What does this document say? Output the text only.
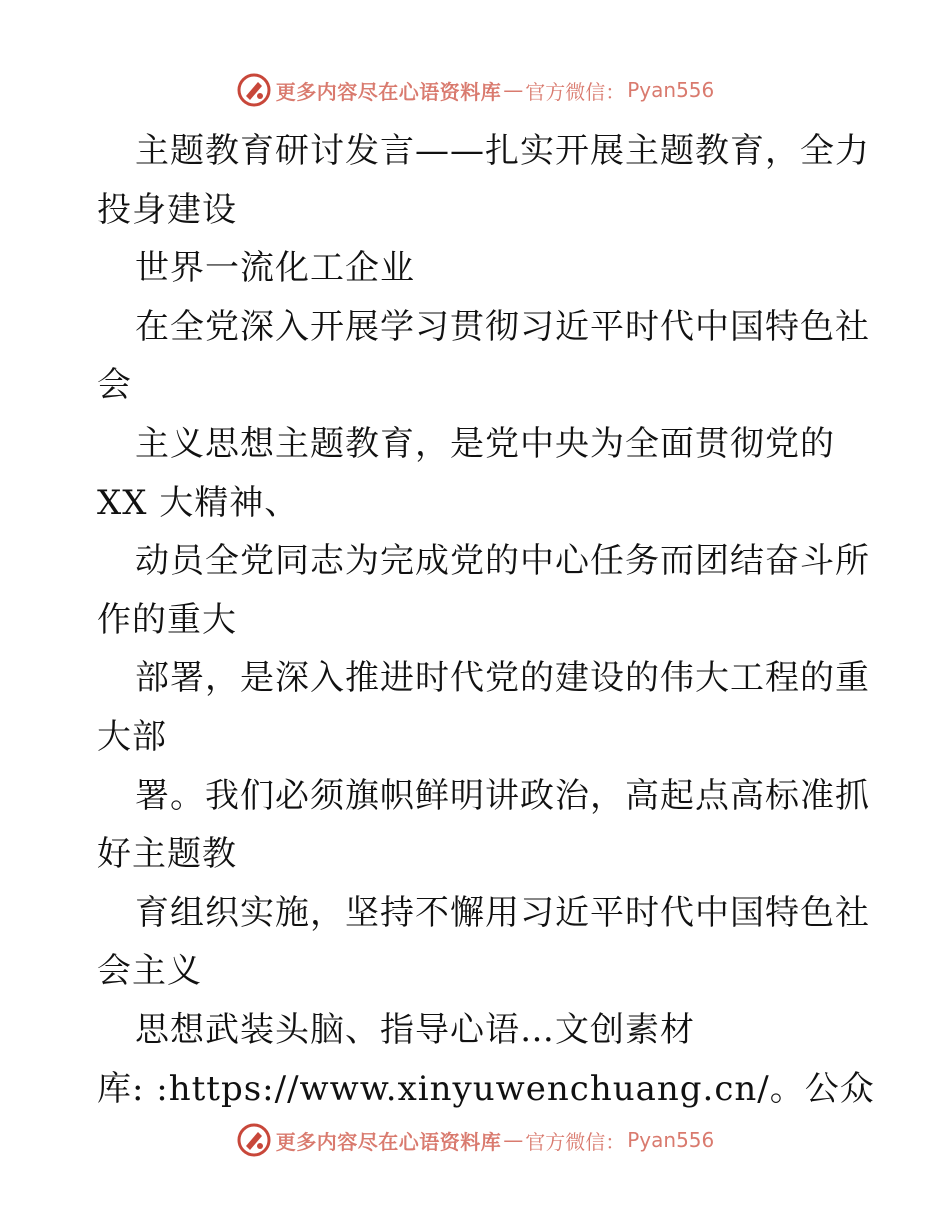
更多内容尽在心语资料库 — 官方微信： Pyan556
主题教育研讨发言——扎实开展主题教育，全力
投身建设
世界一流化工企业
在全党深入开展学习贯彻习近平时代中国特色社
会
主义思想主题教育，是党中央为全面贯彻党的
XX 大精神、
动员全党同志为完成党的中心任务而团结奋斗所
作的重大
部署，是深入推进时代党的建设的伟大工程的重
大部
署。我们必须旗帜鲜明讲政治，高起点高标准抓
好主题教
育组织实施，坚持不懈用习近平时代中国特色社
会主义
思想武装头脑、指导心语…文创素材
库: :https://www.xinyuwenchuang.cn/。公众
更多内容尽在心语资料库 — 官方微信： Pyan556
